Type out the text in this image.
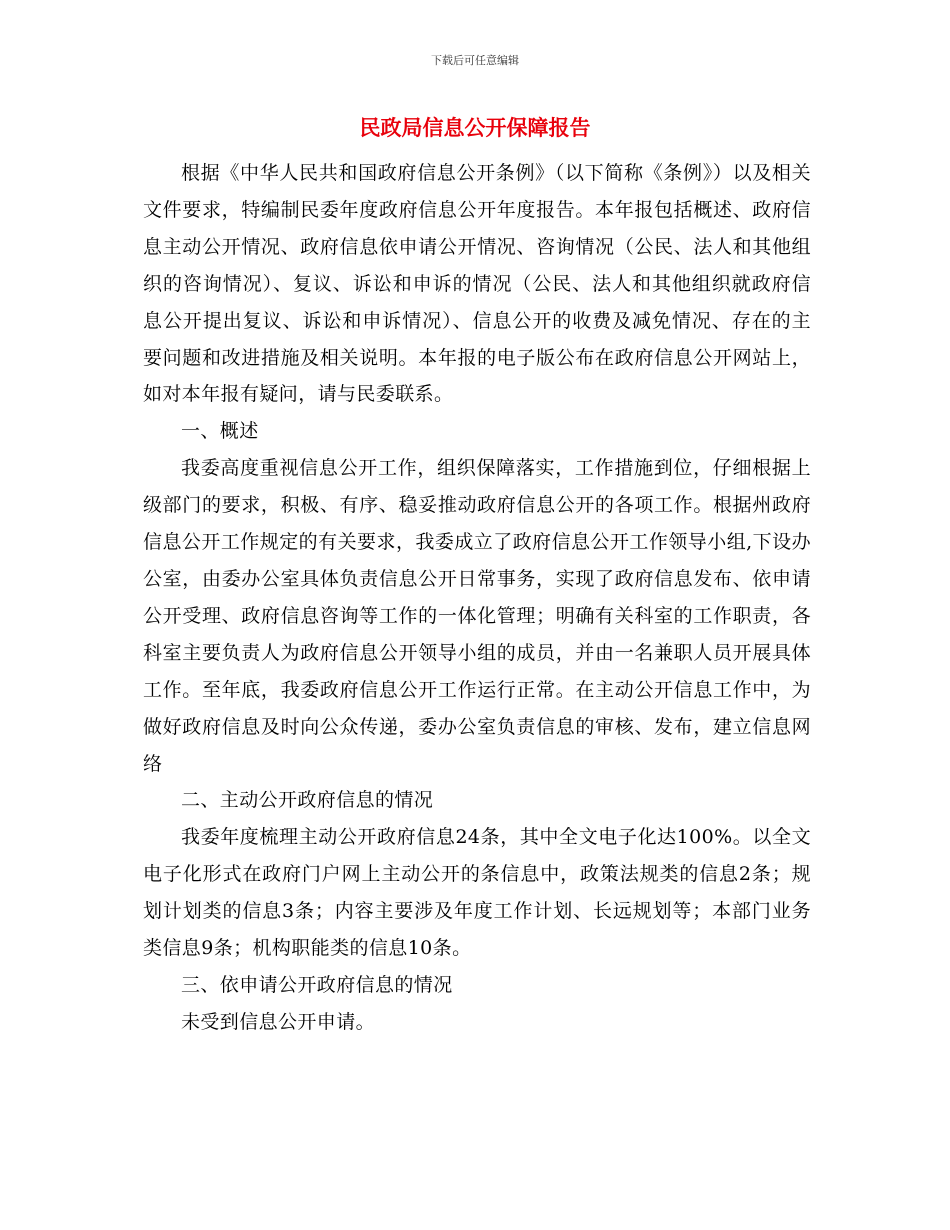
下载后可任意编辑
民政局信息公开保障报告

根据《中华人民共和国政府信息公开条例》（以下简称《条例》）以及相关文件要求，特编制民委年度政府信息公开年度报告。本年报包括概述、政府信息主动公开情况、政府信息依申请公开情况、咨询情况（公民、法人和其他组织的咨询情况）、复议、诉讼和申诉的情况（公民、法人和其他组织就政府信息公开提出复议、诉讼和申诉情况）、信息公开的收费及减免情况、存在的主要问题和改进措施及相关说明。本年报的电子版公布在政府信息公开网站上，如对本年报有疑问，请与民委联系。

一、概述

我委高度重视信息公开工作，组织保障落实，工作措施到位，仔细根据上级部门的要求，积极、有序、稳妥推动政府信息公开的各项工作。根据州政府信息公开工作规定的有关要求，我委成立了政府信息公开工作领导小组,下设办公室，由委办公室具体负责信息公开日常事务，实现了政府信息发布、依申请公开受理、政府信息咨询等工作的一体化管理；明确有关科室的工作职责，各科室主要负责人为政府信息公开领导小组的成员，并由一名兼职人员开展具体工作。至年底，我委政府信息公开工作运行正常。在主动公开信息工作中，为做好政府信息及时向公众传递，委办公室负责信息的审核、发布，建立信息网络

二、主动公开政府信息的情况

我委年度梳理主动公开政府信息24条，其中全文电子化达100%。以全文电子化形式在政府门户网上主动公开的条信息中，政策法规类的信息2条；规划计划类的信息3条；内容主要涉及年度工作计划、长远规划等；本部门业务类信息9条；机构职能类的信息10条。

三、依申请公开政府信息的情况

未受到信息公开申请。
